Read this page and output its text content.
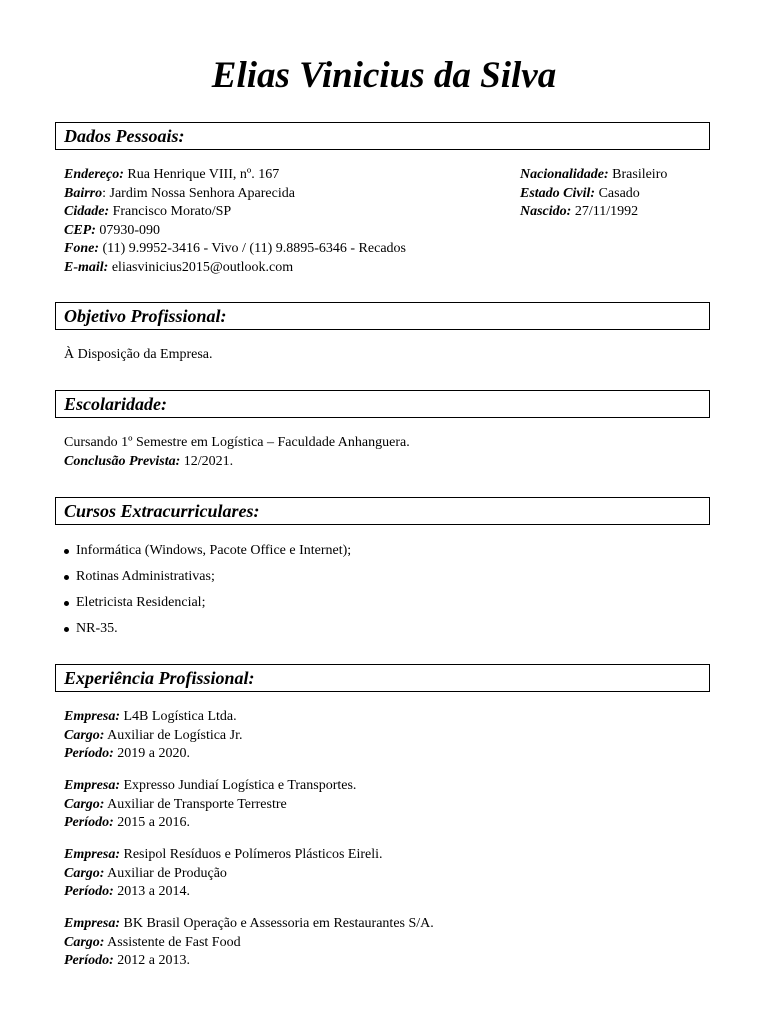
Elias Vinicius da Silva
Dados Pessoais:
Endereço: Rua Henrique VIII, nº. 167
Bairro: Jardim Nossa Senhora Aparecida
Cidade: Francisco Morato/SP
CEP: 07930-090
Fone: (11) 9.9952-3416 - Vivo / (11) 9.8895-6346 - Recados
E-mail: eliasvinicius2015@outlook.com
Nacionalidade: Brasileiro
Estado Civil: Casado
Nascido: 27/11/1992
Objetivo Profissional:
À Disposição da Empresa.
Escolaridade:
Cursando 1º Semestre em Logística – Faculdade Anhanguera.
Conclusão Prevista: 12/2021.
Cursos Extracurriculares:
Informática (Windows, Pacote Office e Internet);
Rotinas Administrativas;
Eletricista Residencial;
NR-35.
Experiência Profissional:
Empresa: L4B Logística Ltda.
Cargo: Auxiliar de Logística Jr.
Período: 2019 a 2020.
Empresa: Expresso Jundiaí Logística e Transportes.
Cargo: Auxiliar de Transporte Terrestre
Período: 2015 a 2016.
Empresa: Resipol Resíduos e Polímeros Plásticos Eireli.
Cargo: Auxiliar de Produção
Período: 2013 a 2014.
Empresa: BK Brasil Operação e Assessoria em Restaurantes S/A.
Cargo: Assistente de Fast Food
Período: 2012 a 2013.
